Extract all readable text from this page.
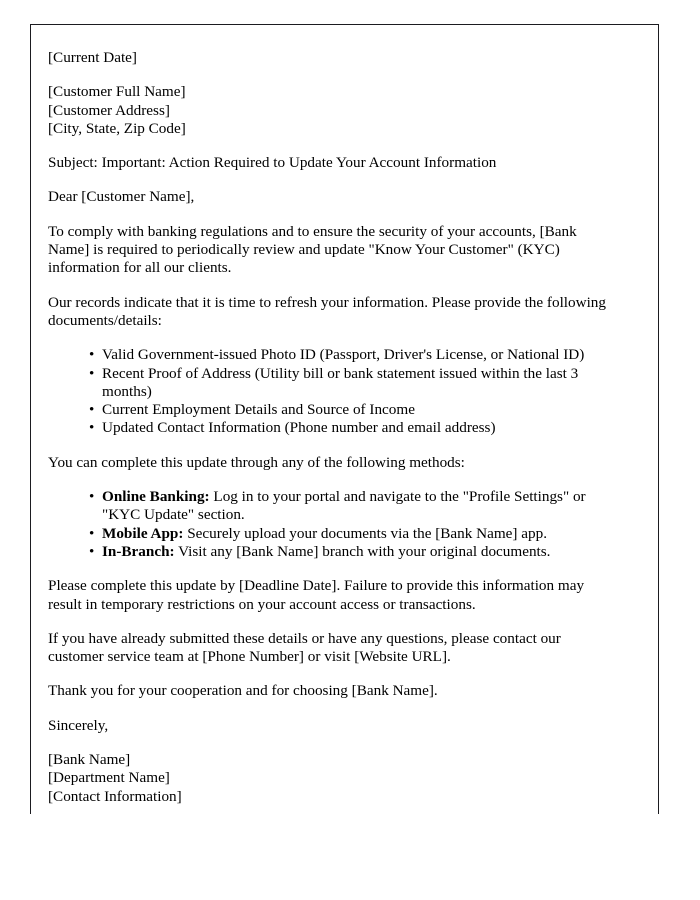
[Current Date]
[Customer Full Name]
[Customer Address]
[City, State, Zip Code]

Subject: Important: Action Required to Update Your Account Information

Dear [Customer Name],

To comply with banking regulations and to ensure the security of your accounts, [Bank Name] is required to periodically review and update "Know Your Customer" (KYC) information for all our clients.

Our records indicate that it is time to refresh your information. Please provide the following documents/details:

• Valid Government-issued Photo ID (Passport, Driver's License, or National ID)
• Recent Proof of Address (Utility bill or bank statement issued within the last 3 months)
• Current Employment Details and Source of Income
• Updated Contact Information (Phone number and email address)

You can complete this update through any of the following methods:

• Online Banking: Log in to your portal and navigate to the "Profile Settings" or "KYC Update" section.
• Mobile App: Securely upload your documents via the [Bank Name] app.
• In-Branch: Visit any [Bank Name] branch with your original documents.

Please complete this update by [Deadline Date]. Failure to provide this information may result in temporary restrictions on your account access or transactions.

If you have already submitted these details or have any questions, please contact our customer service team at [Phone Number] or visit [Website URL].

Thank you for your cooperation and for choosing [Bank Name].

Sincerely,

[Bank Name]
[Department Name]
[Contact Information]
